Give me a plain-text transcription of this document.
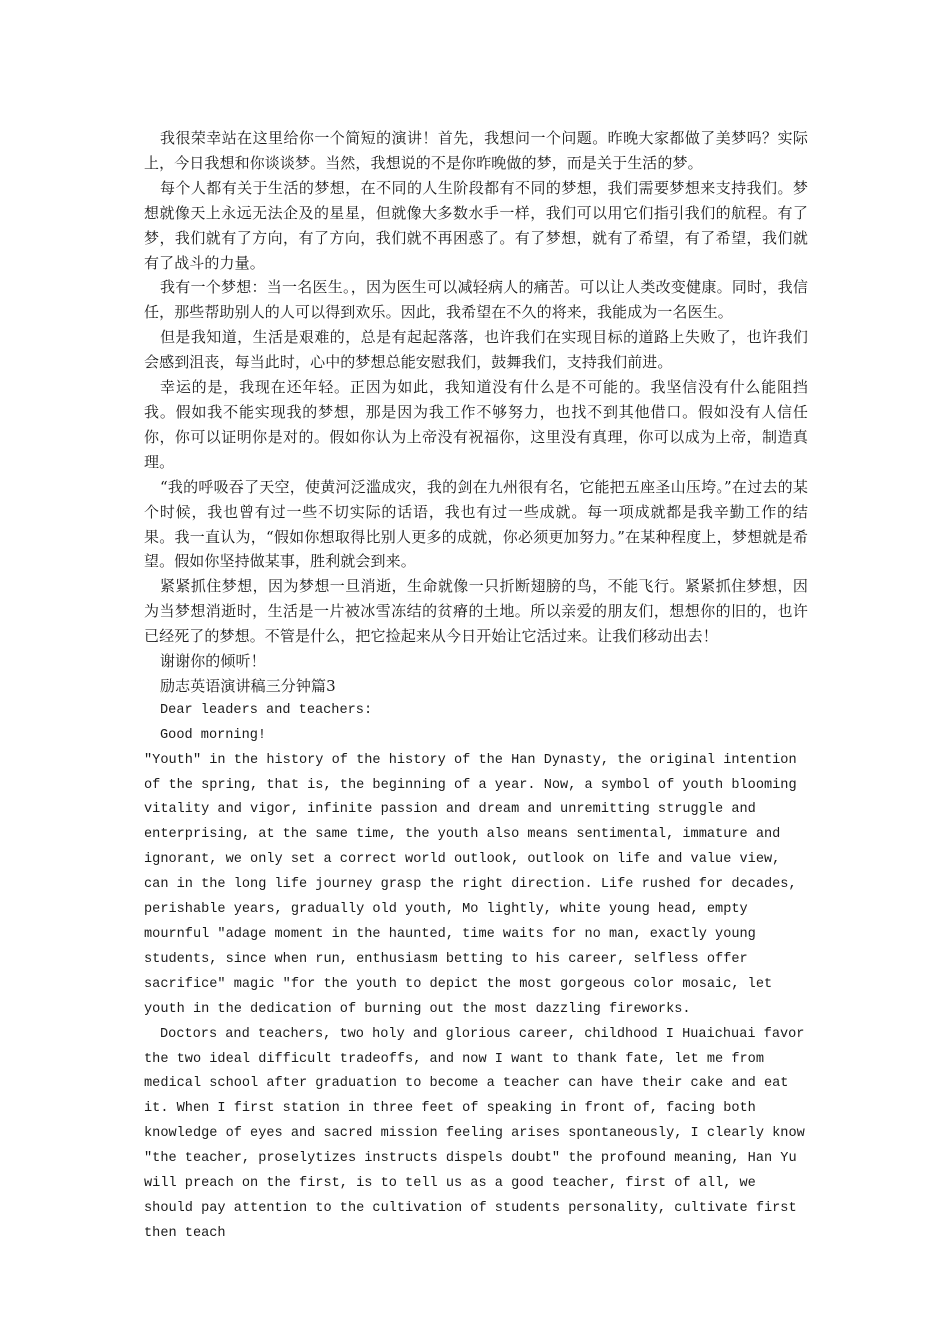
我很荣幸站在这里给你一个简短的演讲！首先，我想问一个问题。昨晚大家都做了美梦吗？实际上，今日我想和你谈谈梦。当然，我想说的不是你昨晚做的梦，而是关于生活的梦。

每个人都有关于生活的梦想，在不同的人生阶段都有不同的梦想，我们需要梦想来支持我们。梦想就像天上永远无法企及的星星，但就像大多数水手一样，我们可以用它们指引我们的航程。有了梦，我们就有了方向，有了方向，我们就不再困惑了。有了梦想，就有了希望，有了希望，我们就有了战斗的力量。

我有一个梦想：当一名医生。，因为医生可以减轻病人的痛苦。可以让人类改变健康。同时，我信任，那些帮助别人的人可以得到欢乐。因此，我希望在不久的将来，我能成为一名医生。

但是我知道，生活是艰难的，总是有起起落落，也许我们在实现目标的道路上失败了，也许我们会感到沮丧，每当此时，心中的梦想总能安慰我们，鼓舞我们，支持我们前进。

幸运的是，我现在还年轻。正因为如此，我知道没有什么是不可能的。我坚信没有什么能阻挡我。假如我不能实现我的梦想，那是因为我工作不够努力，也找不到其他借口。假如没有人信任你，你可以证明你是对的。假如你认为上帝没有祝福你，这里没有真理，你可以成为上帝，制造真理。

“我的呼吸吞了天空，使黄河泛滥成灾，我的剑在九州很有名，它能把五座圣山压垮。”在过去的某个时候，我也曾有过一些不切实际的话语，我也有过一些成就。每一项成就都是我辛勤工作的结果。我一直认为，“假如你想取得比别人更多的成就，你必须更加努力。”在某种程度上，梦想就是希望。假如你坚持做某事，胜利就会到来。

紧紧抓住梦想，因为梦想一旦消逝，生命就像一只折断翅膀的鸟，不能飞行。紧紧抓住梦想，因为当梦想消逝时，生活是一片被冰雪冻结的贫瘠的土地。所以亲爱的朋友们，想想你的旧的，也许已经死了的梦想。不管是什么，把它捡起来从今日开始让它活过来。让我们移动出去！

谢谢你的倾听！

励志英语演讲稿三分钟篇3

Dear leaders and teachers:

Good morning!

"Youth" in the history of the history of the Han Dynasty, the original intention of the spring, that is, the beginning of a year. Now, a symbol of youth blooming vitality and vigor, infinite passion and dream and unremitting struggle and enterprising, at the same time, the youth also means sentimental, immature and ignorant, we only set a correct world outlook, outlook on life and value view, can in the long life journey grasp the right direction. Life rushed for decades, perishable years, gradually old youth, Mo lightly, white young head, empty mournful "adage moment in the haunted, time waits for no man, exactly young students, since when run, enthusiasm betting to his career, selfless offer sacrifice" magic "for the youth to depict the most gorgeous color mosaic, let youth in the dedication of burning out the most dazzling fireworks.

Doctors and teachers, two holy and glorious career, childhood I Huaichuai favor the two ideal difficult tradeoffs, and now I want to thank fate, let me from medical school after graduation to become a teacher can have their cake and eat it. When I first station in three feet of speaking in front of, facing both knowledge of eyes and sacred mission feeling arises spontaneously, I clearly know "the teacher, proselytizes instructs dispels doubt" the profound meaning, Han Yu will preach on the first, is to tell us as a good teacher, first of all, we should pay attention to the cultivation of students personality, cultivate first then teach
